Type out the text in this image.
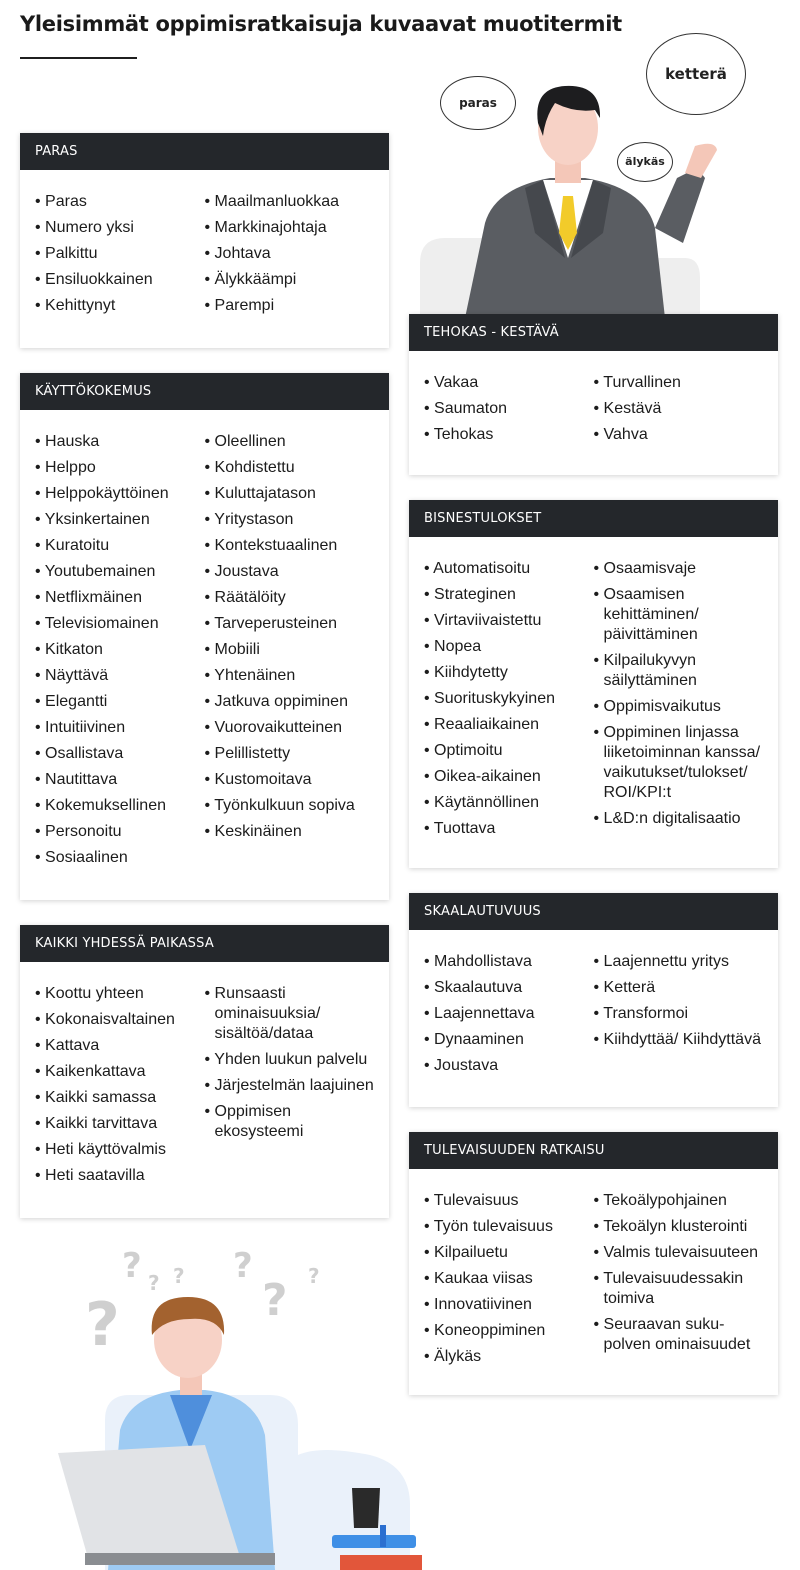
Yleisimmät oppimisratkaisuja kuvaavat muotitermit
paras
ketterä
älykäs
PARAS
• Paras
• Numero yksi
• Palkittu
• Ensiluokkainen
• Kehittynyt
• Maailmanluokkaa
• Markkinajohtaja
• Johtava
• Älykkäämpi
• Parempi
KÄYTTÖKOKEMUS
• Hauska
• Helppo
• Helppokäyttöinen
• Yksinkertainen
• Kuratoitu
• Youtubemainen
• Netflixmäinen
• Televisiomainen
• Kitkaton
• Näyttävä
• Elegantti
• Intuitiivinen
• Osallistava
• Nautittava
• Kokemuksellinen
• Personoitu
• Sosiaalinen
• Oleellinen
• Kohdistettu
• Kuluttajatason
• Yritystason
• Kontekstuaalinen
• Joustava
• Räätälöity
• Tarveperusteinen
• Mobiili
• Yhtenäinen
• Jatkuva oppiminen
• Vuorovaikutteinen
• Pelillistetty
• Kustomoitava
• Työnkulkuun sopiva
• Keskinäinen
KAIKKI YHDESSÄ PAIKASSA
• Koottu yhteen
• Kokonaisvaltainen
• Kattava
• Kaikenkattava
• Kaikki samassa
• Kaikki tarvittava
• Heti käyttövalmis
• Heti saatavilla
• Runsaasti ominaisuuksia/ sisältöä/dataa
• Yhden luukun palvelu
• Järjestelmän laajuinen
• Oppimisen ekosysteemi
TEHOKAS - KESTÄVÄ
• Vakaa
• Saumaton
• Tehokas
• Turvallinen
• Kestävä
• Vahva
BISNESTULOKSET
• Automatisoitu
• Strateginen
• Virtaviivaistettu
• Nopea
• Kiihdytetty
• Suorituskykyinen
• Reaaliaikainen
• Optimoitu
• Oikea-aikainen
• Käytännöllinen
• Tuottava
• Osaamisvaje
• Osaamisen kehittäminen/ päivittäminen
• Kilpailukyvyn säilyttäminen
• Oppimisvaikutus
• Oppiminen linjassa liiketoiminnan kanssa/ vaikutukset/tulokset/ ROI/KPI:t
• L&D:n digitalisaatio
SKAALAUTUVUUS
• Mahdollistava
• Skaalautuva
• Laajennettava
• Dynaaminen
• Joustava
• Laajennettu yritys
• Ketterä
• Transformoi
• Kiihdyttää/ Kiihdyttävä
TULEVAISUUDEN RATKAISU
• Tulevaisuus
• Työn tulevaisuus
• Kilpailuetu
• Kaukaa viisas
• Innovatiivinen
• Koneoppiminen
• Älykäs
• Tekoälypohjainen
• Tekoälyn klusterointi
• Valmis tulevaisuuteen
• Tulevaisuudessakin toimiva
• Seuraavan suku- polven ominaisuudet
?
? ? ? ?
? ?
